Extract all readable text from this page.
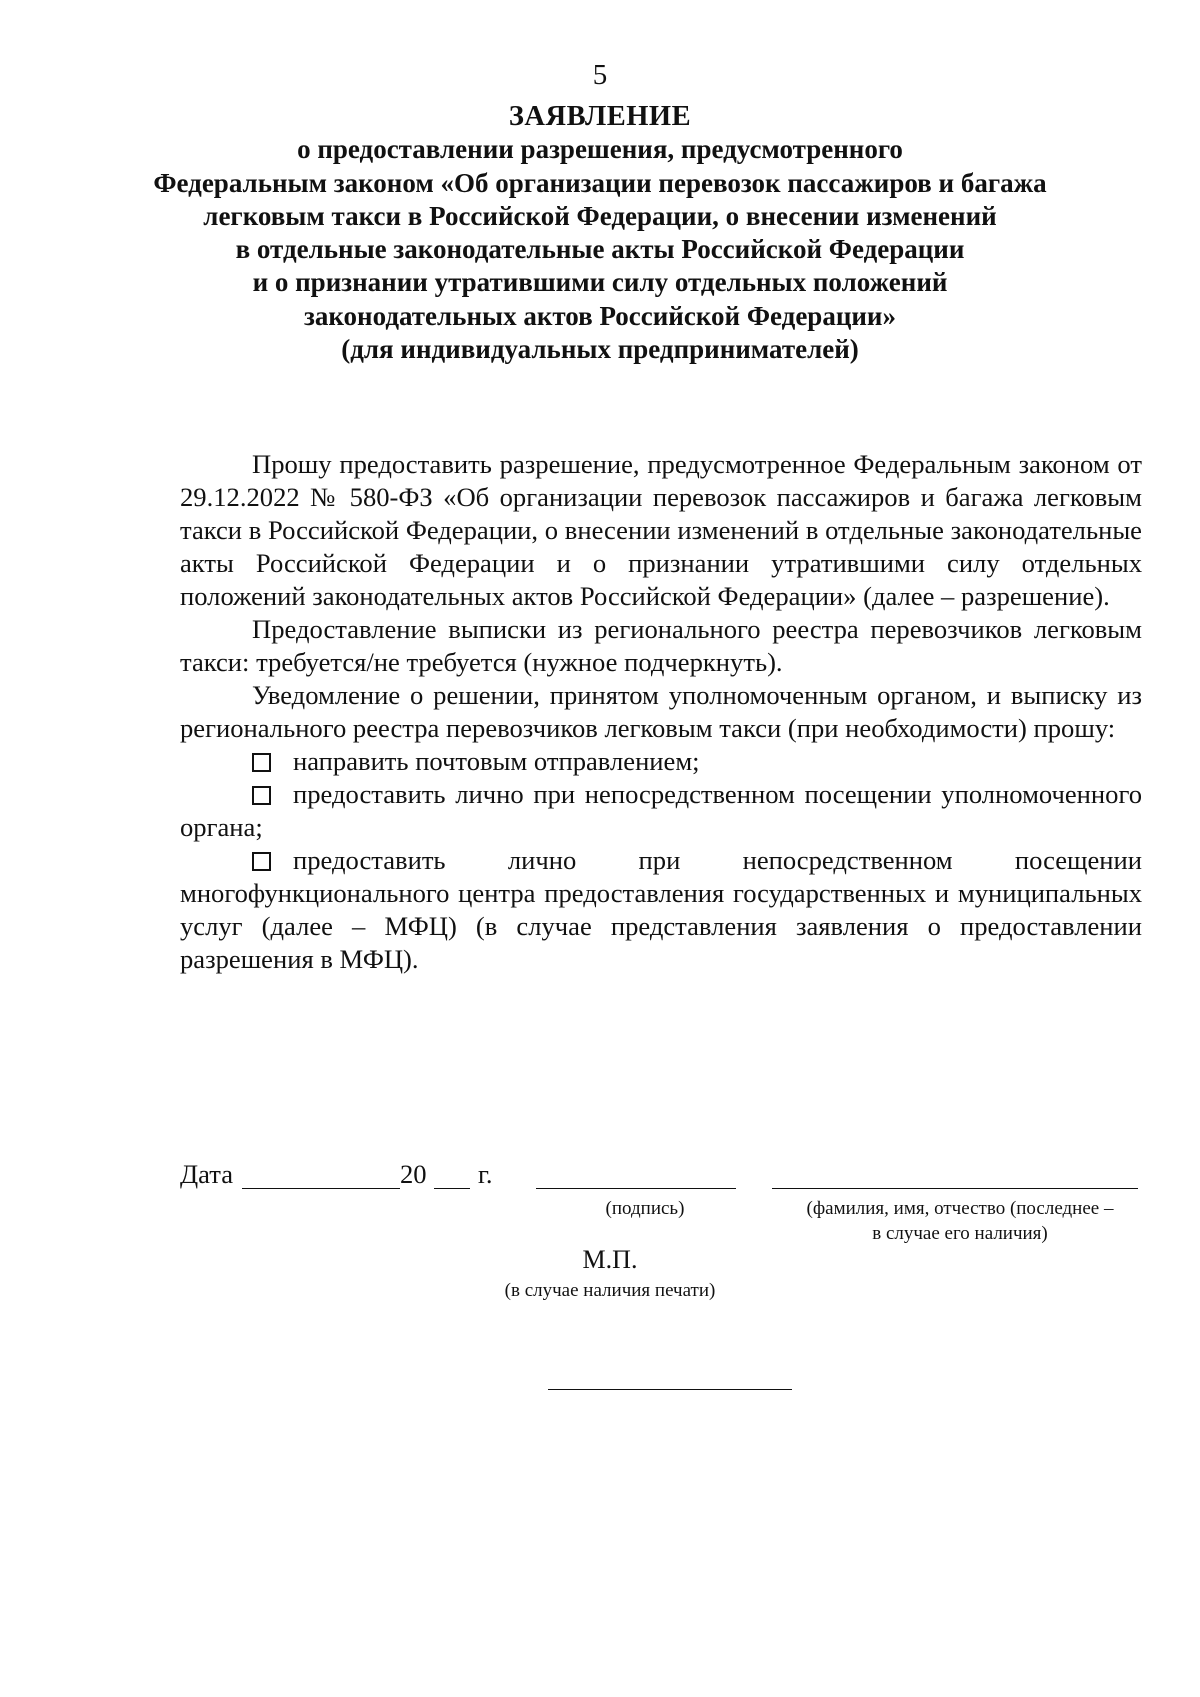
5
ЗАЯВЛЕНИЕ
о предоставлении разрешения, предусмотренного
Федеральным законом «Об организации перевозок пассажиров и багажа
легковым такси в Российской Федерации, о внесении изменений
в отдельные законодательные акты Российской Федерации
и о признании утратившими силу отдельных положений
законодательных актов Российской Федерации»
(для индивидуальных предпринимателей)

Прошу предоставить разрешение, предусмотренное Федеральным законом от 29.12.2022 № 580-ФЗ «Об организации перевозок пассажиров и багажа легковым такси в Российской Федерации, о внесении изменений в отдельные законодательные акты Российской Федерации и о признании утратившими силу отдельных положений законодательных актов Российской Федерации» (далее – разрешение).

Предоставление выписки из регионального реестра перевозчиков легковым такси: требуется/не требуется (нужное подчеркнуть).

Уведомление о решении, принятом уполномоченным органом, и выписку из регионального реестра перевозчиков легковым такси (при необходимости) прошу:

направить почтовым отправлением;
предоставить лично при непосредственном посещении уполномоченного органа;
предоставить лично при непосредственном посещении многофункционального центра предоставления государственных и муниципальных услуг (далее – МФЦ) (в случае представления заявления о предоставлении разрешения в МФЦ).
Дата	20 г.
(подпись)	(фамилия, имя, отчество (последнее –
в случае его наличия)
М.П.
(в случае наличия печати)
